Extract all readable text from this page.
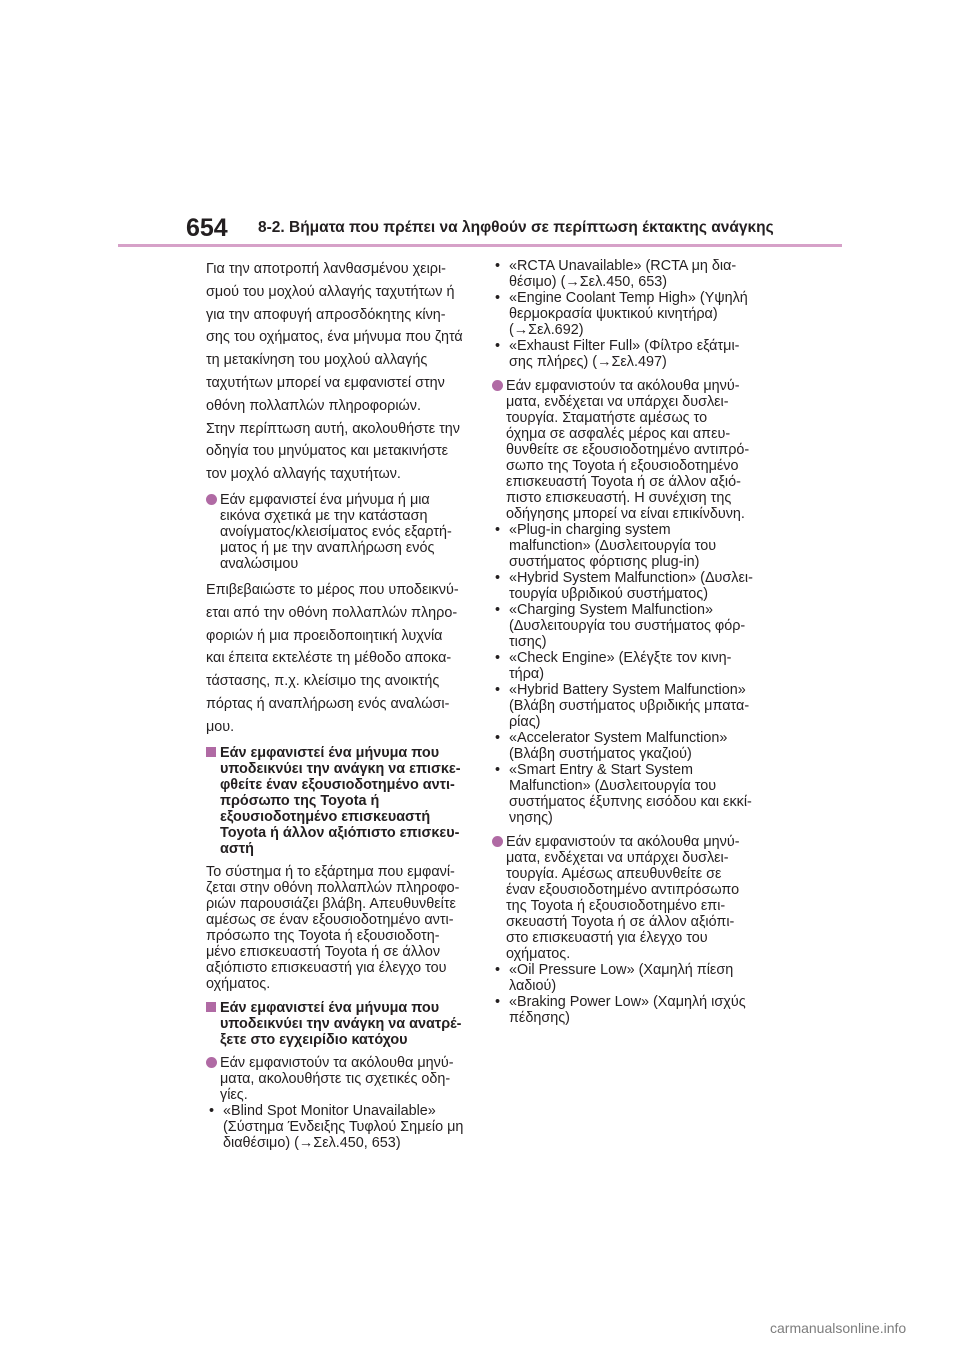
654 8-2. Βήματα που πρέπει να ληφθούν σε περίπτωση έκτακτης ανάγκης
Για την αποτροπή λανθασμένου χειρι-
σμού του μοχλού αλλαγής ταχυτήτων ή
για την αποφυγή απροσδόκητης κίνη-
σης του οχήματος, ένα μήνυμα που ζητά
τη μετακίνηση του μοχλού αλλαγής
ταχυτήτων μπορεί να εμφανιστεί στην
οθόνη πολλαπλών πληροφοριών.
Στην περίπτωση αυτή, ακολουθήστε την
οδηγία του μηνύματος και μετακινήστε
τον μοχλό αλλαγής ταχυτήτων.
Εάν εμφανιστεί ένα μήνυμα ή μια
εικόνα σχετικά με την κατάσταση
ανοίγματος/κλεισίματος ενός εξαρτή-
ματος ή με την αναπλήρωση ενός
αναλώσιμου
Επιβεβαιώστε το μέρος που υποδεικνύ-
εται από την οθόνη πολλαπλών πληρο-
φοριών ή μια προειδοποιητική λυχνία
και έπειτα εκτελέστε τη μέθοδο αποκα-
τάστασης, π.χ. κλείσιμο της ανοικτής
πόρτας ή αναπλήρωση ενός αναλώσι-
μου.
Εάν εμφανιστεί ένα μήνυμα που
υποδεικνύει την ανάγκη να επισκε-
φθείτε έναν εξουσιοδοτημένο αντι-
πρόσωπο της Toyota ή
εξουσιοδοτημένο επισκευαστή
Toyota ή άλλον αξιόπιστο επισκευ-
αστή
Το σύστημα ή το εξάρτημα που εμφανί-
ζεται στην οθόνη πολλαπλών πληροφο-
ριών παρουσιάζει βλάβη. Απευθυνθείτε
αμέσως σε έναν εξουσιοδοτημένο αντι-
πρόσωπο της Toyota ή εξουσιοδοτη-
μένο επισκευαστή Toyota ή σε άλλον
αξιόπιστο επισκευαστή για έλεγχο του
οχήματος.
Εάν εμφανιστεί ένα μήνυμα που
υποδεικνύει την ανάγκη να ανατρέ-
ξετε στο εγχειρίδιο κατόχου
Εάν εμφανιστούν τα ακόλουθα μηνύ-
ματα, ακολουθήστε τις σχετικές οδη-
γίες.
• «Blind Spot Monitor Unavailable»
(Σύστημα Ένδειξης Τυφλού Σημείο μη
διαθέσιμο) (→Σελ.450, 653)
• «RCTA Unavailable» (RCTA μη δια-
θέσιμο) (→Σελ.450, 653)
• «Engine Coolant Temp High» (Υψηλή
θερμοκρασία ψυκτικού κινητήρα)
(→Σελ.692)
• «Exhaust Filter Full» (Φίλτρο εξάτμι-
σης πλήρες) (→Σελ.497)
Εάν εμφανιστούν τα ακόλουθα μηνύ-
ματα, ενδέχεται να υπάρχει δυσλει-
τουργία. Σταματήστε αμέσως το
όχημα σε ασφαλές μέρος και απευ-
θυνθείτε σε εξουσιοδοτημένο αντιπρό-
σωπο της Toyota ή εξουσιοδοτημένο
επισκευαστή Toyota ή σε άλλον αξιό-
πιστο επισκευαστή. Η συνέχιση της
οδήγησης μπορεί να είναι επικίνδυνη.
• «Plug-in charging system
malfunction» (Δυσλειτουργία του
συστήματος φόρτισης plug-in)
• «Hybrid System Malfunction» (Δυσλει-
τουργία υβριδικού συστήματος)
• «Charging System Malfunction»
(Δυσλειτουργία του συστήματος φόρ-
τισης)
• «Check Engine» (Ελέγξτε τον κινη-
τήρα)
• «Hybrid Battery System Malfunction»
(Βλάβη συστήματος υβριδικής μπατα-
ρίας)
• «Accelerator System Malfunction»
(Βλάβη συστήματος γκαζιού)
• «Smart Entry & Start System
Malfunction» (Δυσλειτουργία του
συστήματος έξυπνης εισόδου και εκκί-
νησης)
Εάν εμφανιστούν τα ακόλουθα μηνύ-
ματα, ενδέχεται να υπάρχει δυσλει-
τουργία. Αμέσως απευθυνθείτε σε
έναν εξουσιοδοτημένο αντιπρόσωπο
της Toyota ή εξουσιοδοτημένο επι-
σκευαστή Toyota ή σε άλλον αξιόπι-
στο επισκευαστή για έλεγχο του
οχήματος.
• «Oil Pressure Low» (Χαμηλή πίεση
λαδιού)
• «Braking Power Low» (Χαμηλή ισχύς
πέδησης)
carmanualsonline.info
